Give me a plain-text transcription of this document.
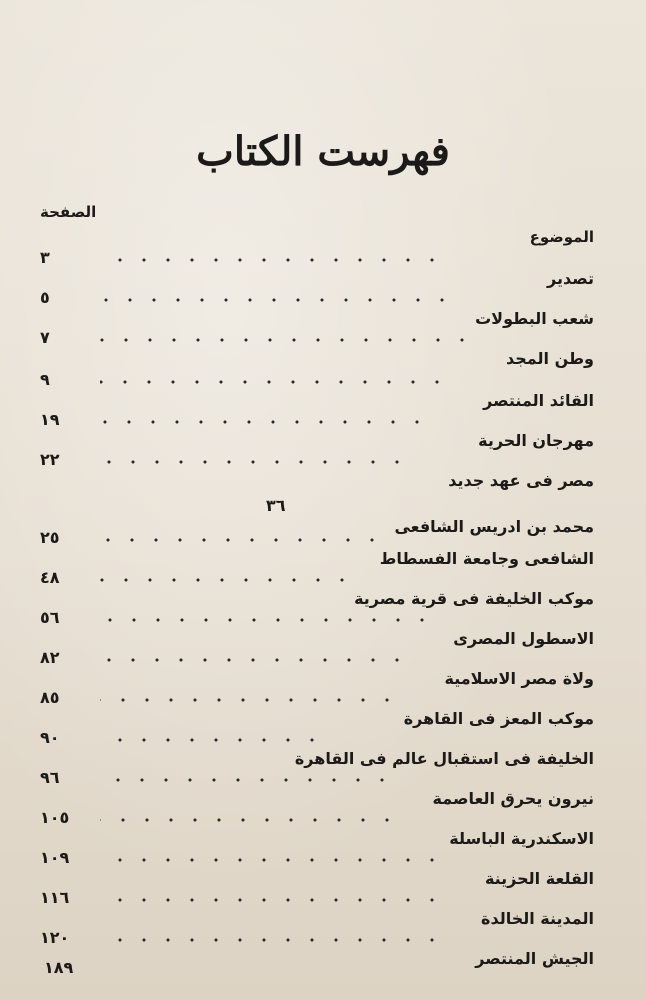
فهرست الكتاب
الصفحة
الموضوع
تصدير
٣
شعب البطولات
٥
وطن المجد
٧
القائد المنتصر
٩
مهرجان الحرية
١٩
مصر فى عهد جديد
٢٢
محمد بن ادريس الشافعى
٣٦
الشافعى وجامعة الفسطاط
٢٥
موكب الخليفة فى قرية مصرية
٤٨
الاسطول المصرى
٥٦
ولاة مصر الاسلامية
٨٢
موكب المعز فى القاهرة
٨٥
الخليفة فى استقبال عالم فى القاهرة
٩٠
نيرون يحرق العاصمة
٩٦
الاسكندرية الباسلة
١٠٥
القلعة الحزينة
١٠٩
المدينة الخالدة
١١٦
الجيش المنتصر
١٢٠
١٨٩
